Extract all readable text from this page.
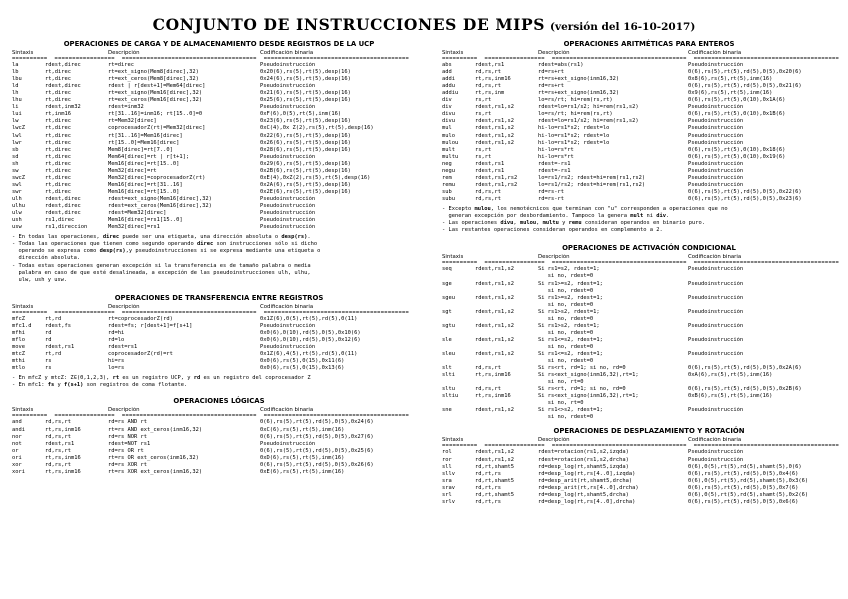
CONJUNTO DE INSTRUCCIONES DE MIPS (versión del 16-10-2017)
OPERACIONES DE CARGA Y DE ALMACENAMIENTO DESDE REGISTROS DE LA UCP
Sintaxis	Descripción	Codificación binaria
==========  =================  ======================================  =========================================
la	rdest,direc	rt=direc	Pseudoinstrucción
lb	rt,direc	rt=ext_signo(Mem8[direc],32)	0x20(6),rs(5),rt(5),desp(16)
lbu	rt,direc	rt=ext_ceros(Mem8[direc],32)	0x24(6),rs(5),rt(5),desp(16)
ld	rdest,direc	rdest | r[dest+1]=Mem64[direc]	Pseudoinstrucción
lh	rt,direc	rt=ext_signo(Mem16[direc],32)	0x21(6),rs(5),rt(5),desp(16)
lhu	rt,direc	rt=ext_ceros(Mem16[direc],32)	0x25(6),rs(5),rt(5),desp(16)
li	rdest,inm32	rdest=inm32	Pseudoinstrucción
lui	rt,inm16	rt[31..16]=inm16; rt[15..0]=0	0xF(6),0(5),rt(5),inm(16)
lw	rt,direc	rt=Mem32[direc]	0x23(6),rs(5),rt(5),desp(16)
lwcZ	rt,direc	coprocesadorZ(rt)=Mem32[direc]	0xC(4),0x Z(2),rs(5),rt(5),desp(16)
lwl	rt,direc	rt[31..16]=Mem16[direc]	0x22(6),rs(5),rt(5),desp(16)
lwr	rt,direc	rt[15..0]=Mem16[direc]	0x26(6),rs(5),rt(5),desp(16)
sb	rt,direc	Mem8[direc]=rt[7..0]	0x28(6),rs(5),rt(5),desp(16)
sd	rt,direc	Mem64[direc]=rt | r[t+1];	Pseudoinstrucción
sh	rt,direc	Mem16[direc]=rt[15..0]	0x29(6),rs(5),rt(5),desp(16)
sw	rt,direc	Mem32[direc]=rt	0x2B(6),rs(5),rt(5),desp(16)
swcZ	rt,direc	Mem32[direc]=coprocesadorZ(rt)	0xE(4),0xZ(2),rs(5),rt(5),desp(16)
swl	rt,direc	Mem16[direc]=rt[31..16]	0x2A(6),rs(5),rt(5),desp(16)
swr	rt,direc	Mem16[direc]=rt[15..0]	0x2E(6),rs(5),rt(5),desp(16)
ulh	rdest,direc	rdest=ext_signo(Mem16[direc],32)	Pseudoinstrucción
ulhu	rdest,direc	rdest=ext_ceros(Mem16[direc],32)	Pseudoinstrucción
ulw	rdest,direc	rdest=Mem32[direc]	Pseudoinstrucción
ush	rs1,direc	Mem16[direc]=rs1[15..0]	Pseudoinstrucción
usw	rs1,direccion	Mem32[direc]=rs1	Pseudoinstrucción
- En todas las operaciones, direc puede ser una etiqueta, una dirección absoluta o desp(rs).
- Todas las operaciones que tienen como segundo operando direc son instrucciones sólo si dicho
operando se expresa como desp(rs),y pseudoinstrucciones si se expresa mediante una etiqueta o
dirección absoluta.
- Todas estas operaciones generan excepción si la transferencia es de tamaño palabra o media
palabra en caso de que esté desalineada, a excepción de las pseudoinstrucciones ulh, ulhu,
ulw, ush y usw.
OPERACIONES DE TRANSFERENCIA ENTRE REGISTROS
Sintaxis	Descripción	Codificación binaria
==========  =================  ======================================  =========================================
mfcZ	rt,rd	rt=coprocesadorZ(rd)	0x1Z(6),0(5),rt(5),rd(5),0(11)
mfc1.d	rdest,fs	rdest=fs; r[dest+1]=f[s+1]	Pseudoinstrucción
mfhi	rd	rd=hi	0x0(6),0(10),rd(5),0(5),0x10(6)
mflo	rd	rd=lo	0x0(6),0(10),rd(5),0(5),0x12(6)
move	rdest,rs1	rdest=rs1	Pseudoinstrucción
mtcZ	rt,rd	coprocesadorZ(rd)=rt	0x1Z(6),4(5),rt(5),rd(5),0(11)
mthi	rs	hi=rs	0x0(6),rs(5),0(15),0x11(6)
mtlo	rs	lo=rs	0x0(6),rs(5),0(15),0x13(6)
- En mfcZ y mtcZ: Z∈(0,1,2,3), rt es un registro UCP, y rd es un registro del coprocesador Z
- En mfc1: fs y f(s+1) son registros de coma flotante.
OPERACIONES LÓGICAS
Sintaxis	Descripción	Codificación binaria
==========  =================  ======================================  =========================================
and	rd,rs,rt	rd=rs AND rt	0(6),rs(5),rt(5),rd(5),0(5),0x24(6)
andi	rt,rs,inm16	rt=rs AND ext_ceros(inm16,32)	0xC(6),rs(5),rt(5),inm(16)
nor	rd,rs,rt	rd=rs NOR rt	0(6),rs(5),rt(5),rd(5),0(5),0x27(6)
not	rdest,rs1	rdest=NOT rs1	Pseudoinstrucción
or	rd,rs,rt	rd=rs OR rt	0(6),rs(5),rt(5),rd(5),0(5),0x25(6)
ori	rt,rs,inm16	rt=rs OR ext_ceros(inm16,32)	0xD(6),rs(5),rt(5),inm(16)
xor	rd,rs,rt	rd=rs XOR rt	0(6),rs(5),rt(5),rd(5),0(5),0x26(6)
xori	rt,rs,inm16	rt=rs XOR ext_ceros(inm16,32)	0xE(6),rs(5),rt(5),inm(16)
OPERACIONES ARITMÉTICAS PARA ENTEROS
Sintaxis	Descripción	Codificación binaria
==========  =================  ======================================  =========================================
abs	rdest,rs1	rdest=abs(rs1)	Pseudoinstrucción
add	rd,rs,rt	rd=rs+rt	0(6),rs(5),rt(5),rd(5),0(5),0x20(6)
addi	rt,rs,inm16	rt=rs+ext_signo(inm16,32)	0x8(6),rs(5),rt(5),inm(16)
addu	rd,rs,rt	rd=rs+rt	0(6),rs(5),rt(5),rd(5),0(5),0x21(6)
addiu	rt,rs,inm	rt=rs+ext_signo(inm16,32)	0x9(6),rs(5),rt(5),inm(16)
div	rs,rt	lo=rs/rt; hi=rem(rs,rt)	0(6),rs(5),rt(5),0(10),0x1A(6)
div	rdest,rs1,s2	rdest=lo=rs1/s2; hi=rem(rs1,s2)	Pseudoinstrucción
divu	rs,rt	lo=rs/rt; hi=rem(rs,rt)	0(6),rs(5),rt(5),0(10),0x1B(6)
divu	rdest,rs1,s2	rdest=lo=rs1/s2; hi=rem(rs1,s2)	Pseudoinstrucción
mul	rdest,rs1,s2	hi-lo=rs1*s2; rdest=lo	Pseudoinstrucción
mulo	rdest,rs1,s2	hi-lo=rs1*s2; rdest=lo	Pseudoinstrucción
mulou	rdest,rs1,s2	hi-lo=rs1*s2; rdest=lo	Pseudoinstrucción
mult	rs,rt	hi-lo=rs*rt	0(6),rs(5),rt(5),0(10),0x18(6)
multu	rs,rt	hi-lo=rs*rt	0(6),rs(5),rt(5),0(10),0x19(6)
neg	rdest,rs1	rdest=-rs1	Pseudoinstrucción
negu	rdest,rs1	rdest=-rs1	Pseudoinstrucción
rem	rdest,rs1,rs2	lo=rs1/rs2; rdest=hi=rem(rs1,rs2)	Pseudoinstrucción
remu	rdest,rs1,rs2	lo=rs1/rs2; rdest=hi=rem(rs1,rs2)	Pseudoinstrucción
sub	rd,rs,rt	rd=rs-rt	0(6),rs(5),rt(5),rd(5),0(5),0x22(6)
subu	rd,rs,rt	rd=rs-rt	0(6),rs(5),rt(5),rd(5),0(5),0x23(6)
- Excepto mulou, los nemotécnicos que terminan con "u" corresponden a operaciones que no
generan excepción por desbordamiento. Tampoco la genera mult ni div.
- Las operaciones divu, mulou, multu y remu consideran operandos en binario puro.
- Las restantes operaciones consideran operandos en complemento a 2.
OPERACIONES DE ACTIVACIÓN CONDICIONAL
Sintaxis	Descripción	Codificación binaria
==========  =================  ======================================  =========================================
seq	rdest,rs1,s2	Si rs1=s2, rdest=1;	Pseudoinstrucción
si no, rdest=0
sge	rdest,rs1,s2	Si rs1>=s2, rdest=1;	Pseudoinstrucción
si no, rdest=0
sgeu	rdest,rs1,s2	Si rs1>=s2, rdest=1;	Pseudoinstrucción
si no, rdest=0
sgt	rdest,rs1,s2	Si rs1>s2, rdest=1;	Pseudoinstrucción
si no, rdest=0
sgtu	rdest,rs1,s2	Si rs1>s2, rdest=1;	Pseudoinstrucción
si no, rdest=0
sle	rdest,rs1,s2	Si rs1<=s2, rdest=1;	Pseudoinstrucción
si no, rdest=0
sleu	rdest,rs1,s2	Si rs1<=s2, rdest=1;	Pseudoinstrucción
si no, rdest=0
slt	rd,rs,rt	Si rs<rt, rd=1; si no, rd=0	0(6),rs(5),rt(5),rd(5),0(5),0x2A(6)
slti	rt,rs,inm16	Si rs<ext_signo(inm16,32),rt=1;	0xA(6),rs(5),rt(5),inm(16)
si no, rt=0
sltu	rd,rs,rt	Si rs<rt, rd=1; si no, rd=0	0(6),rs(5),rt(5),rd(5),0(5),0x2B(6)
sltiu	rt,rs,inm16	Si rs<ext_signo(inm16,32),rt=1;	0xB(6),rs(5),rt(5),inm(16)
si no, rt=0
sne	rdest,rs1,s2	Si rs1<>s2, rdest=1;	Pseudoinstrucción
si no, rdest=0
OPERACIONES DE DESPLAZAMIENTO Y ROTACIÓN
Sintaxis	Descripción	Codificación binaria
==========  =================  ======================================  =========================================
rol	rdest,rs1,s2	rdest=rotacion(rs1,s2,izqda)	Pseudoinstrucción
ror	rdest,rs1,s2	rdest=rotacion(rs1,s2,drcha)	Pseudoinstrucción
sll	rd,rt,shamt5	rd=desp_log(rt,shamt5,izqda)	0(6),0(5),rt(5),rd(5),shamt(5),0(6)
sllv	rd,rt,rs	rd=desp_log(rt,rs[4..0],izqda)	0(6),rs(5),rt(5),rd(5),0(5),0x4(6)
sra	rd,rt,shamt5	rd=desp_arit(rt,shamt5,drcha)	0(6),0(5),rt(5),rd(5),shamt(5),0x3(6)
srav	rd,rt,rs	rd=desp_arit(rt,rs[4..0],drcha)	0(6),rs(5),rt(5),rd(5),0(5),0x7(6)
srl	rd,rt,shamt5	rd=desp_log(rt,shamt5,drcha)	0(6),0(5),rt(5),rd(5),shamt(5),0x2(6)
srlv	rd,rt,rs	rd=desp_log(rt,rs[4..0],drcha)	0(6),rs(5),rt(5),rd(5),0(5),0x6(6)
